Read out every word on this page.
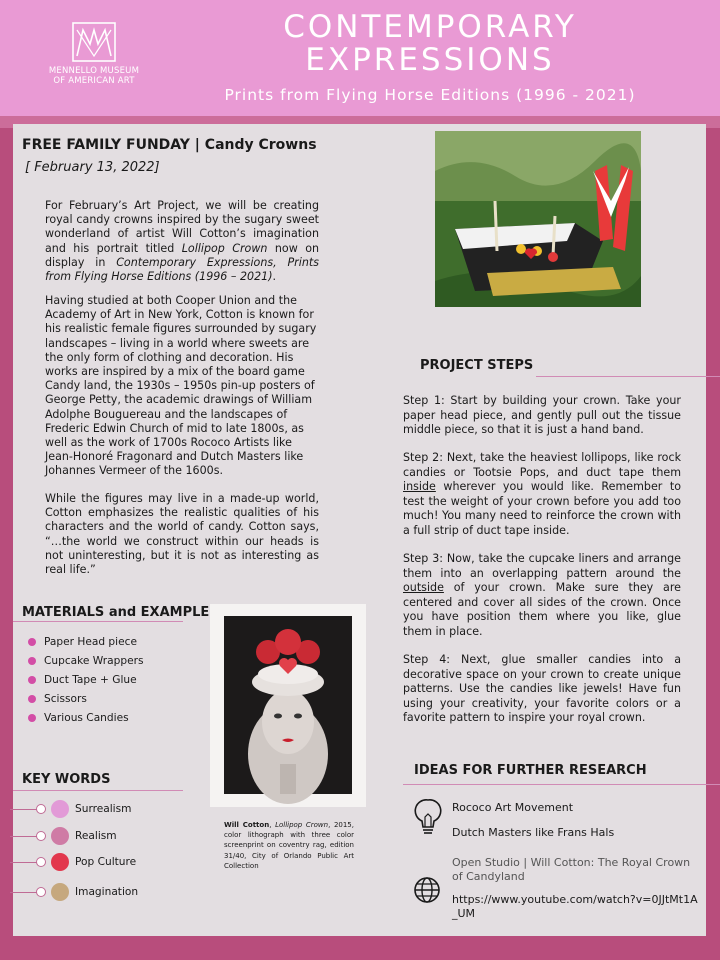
MENNELLO MUSEUM
OF AMERICAN ART
CONTEMPORARY
EXPRESSIONS
Prints from Flying Horse Editions (1996 - 2021)
FREE FAMILY FUNDAY | Candy Crowns
[ February 13, 2022]
For February’s Art Project, we will be creating royal candy crowns inspired by the sugary sweet wonderland of artist Will Cotton’s imagination and his portrait titled Lollipop Crown now on display in Contemporary Expressions, Prints from Flying Horse Editions (1996 – 2021).
Having studied at both Cooper Union and the Academy of Art in New York, Cotton is known for his realistic female figures surrounded by sugary landscapes – living in a world where sweets are the only form of clothing and decoration. His works are inspired by a mix of the board game Candy land, the 1930s – 1950s pin-up posters of George Petty, the academic drawings of William Adolphe Bouguereau and the landscapes of Frederic Edwin Church of mid to late 1800s, as well as the work of 1700s Rococo Artists like Jean-Honoré Fragonard and Dutch Masters like Johannes Vermeer of the 1600s.
While the figures may live in a made-up world, Cotton emphasizes the realistic qualities of his characters and the world of candy. Cotton says, “…the world we construct within our heads is not uninteresting, but it is not as interesting as real life.”
PROJECT STEPS
Step 1: Start by building your crown. Take your paper head piece, and gently pull out the tissue middle piece, so that it is just a hand band.
Step 2: Next, take the heaviest lollipops, like rock candies or Tootsie Pops, and duct tape them inside wherever you would like. Remember to test the weight of your crown before you add too much! You many need to reinforce the crown with a full strip of duct tape inside.
Step 3: Now, take the cupcake liners and arrange them into an overlapping pattern around the outside of your crown. Make sure they are centered and cover all sides of the crown. Once you have position them where you like, glue them in place.
Step 4: Next, glue smaller candies into a decorative space on your crown to create unique patterns. Use the candies like jewels! Have fun using your creativity, your favorite colors or a favorite pattern to inspire your royal crown.
MATERIALS and EXAMPLE
Paper Head piece
Cupcake Wrappers
Duct Tape + Glue
Scissors
Various Candies
KEY WORDS
Surrealism
Realism
Pop Culture
Imagination
Will Cotton, Lollipop Crown, 2015, color lithograph with three color screenprint on coventry rag, edition 31/40, City of Orlando Public Art Collection
IDEAS FOR FURTHER RESEARCH
Rococo Art Movement
Dutch Masters like Frans Hals
Open Studio | Will Cotton: The Royal Crown of Candyland
https://www.youtube.com/watch?v=0JJtMt1A_UM
